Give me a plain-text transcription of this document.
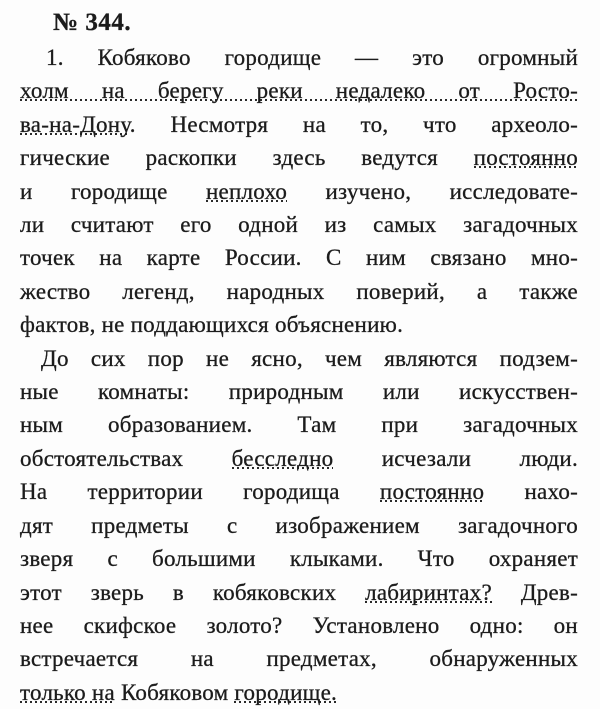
№ 344.
1. Кобяково городище — это огромный
холм на берегу реки недалеко от Росто-
ва-на-Дону. Несмотря на то, что археоло-
гические раскопки здесь ведутся постоянно
и городище неплохо изучено, исследовате-
ли считают его одной из самых загадочных
точек на карте России. С ним связано мно-
жество легенд, народных поверий, а также
фактов, не поддающихся объяснению.
До сих пор не ясно, чем являются подзем-
ные комнаты: природным или искусствен-
ным образованием. Там при загадочных
обстоятельствах бесследно исчезали люди.
На территории городища постоянно нахо-
дят предметы с изображением загадочного
зверя с большими клыками. Что охраняет
этот зверь в кобяковских лабиринтах? Древ-
нее скифское золото? Установлено одно: он
встречается на предметах, обнаруженных
только на Кобяковом городище.
